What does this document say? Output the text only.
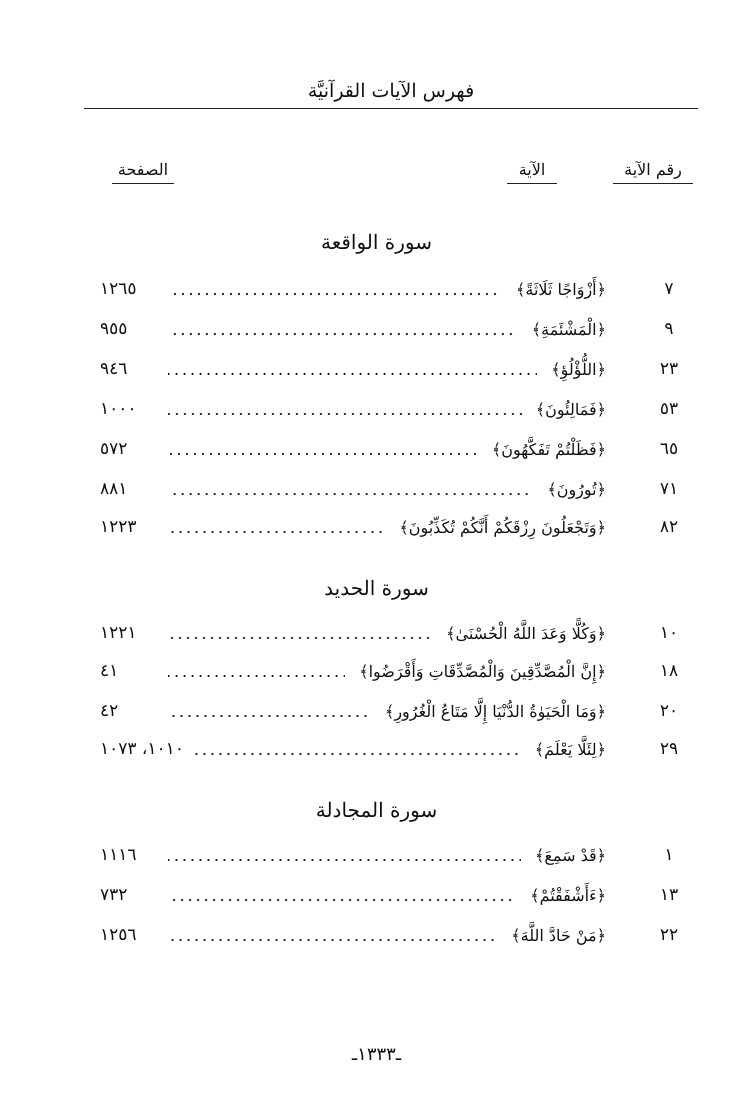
فهرس الآيات القرآنيَّة
رقم الآية
الآية
الصفحة
سورة الواقعة
٧
﴿أَزْوَاجًا ثَلَاثَةً﴾
١٢٦٥
٩
﴿الْمَشْئَمَةِ﴾
٩٥٥
٢٣
﴿اللُّؤْلُؤِ﴾
٩٤٦
٥٣
﴿فَمَالِئُونَ﴾
١٠٠٠
٦٥
﴿فَظَلْتُمْ تَفَكَّهُونَ﴾
٥٧٢
٧١
﴿تُورُونَ﴾
٨٨١
٨٢
﴿وَتَجْعَلُونَ رِزْقَكُمْ أَنَّكُمْ تُكَذِّبُونَ﴾
١٢٢٣
سورة الحديد
١٠
﴿وَكُلًّا وَعَدَ اللَّهُ الْحُسْنَىٰ﴾
١٢٢١
١٨
﴿إِنَّ الْمُصَّدِّقِينَ وَالْمُصَّدِّقَاتِ وَأَقْرَضُوا﴾
٤١
٢٠
﴿وَمَا الْحَيَوٰةُ الدُّنْيَا إِلَّا مَتَاعُ الْغُرُورِ﴾
٤٢
٢٩
﴿لِئَلَّا يَعْلَمَ﴾
١٠١٠، ١٠٧٣
سورة المجادلة
١
﴿قَدْ سَمِعَ﴾
١١١٦
١٣
﴿ءَأَشْفَقْتُمْ﴾
٧٣٢
٢٢
﴿مَنْ حَادَّ اللَّهَ﴾
١٢٥٦
ـ١٣٣٣ـ
